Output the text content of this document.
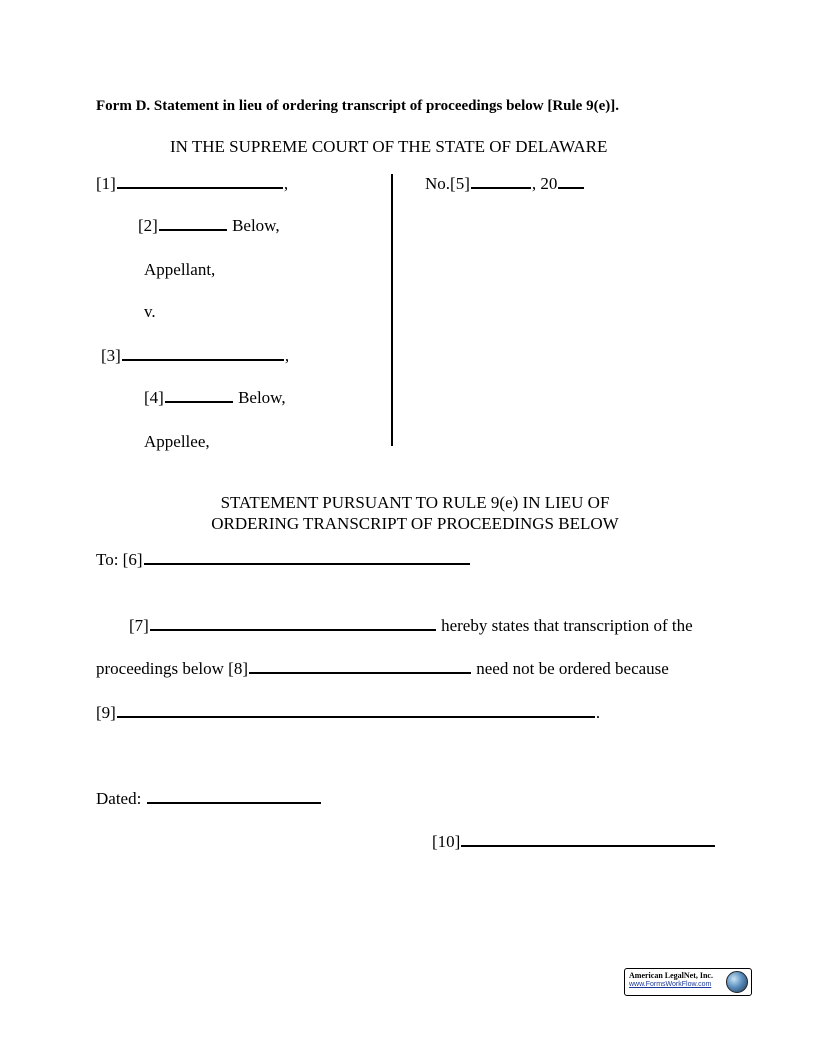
Form D. Statement in lieu of ordering transcript of proceedings below [Rule 9(e)].
IN THE SUPREME COURT OF THE STATE OF DELAWARE
[1]	,
[2]	Below,
Appellant,
v.
[3]	,
[4]	Below,
Appellee,
No.[5]	, 20
STATEMENT PURSUANT TO RULE 9(e) IN LIEU OF
ORDERING TRANSCRIPT OF PROCEEDINGS BELOW
To: [6]
[7]	hereby states that transcription of the
proceedings below [8]	need not be ordered because
[9]	.
Dated:
[10]
American LegalNet, Inc.
www.FormsWorkFlow.com
